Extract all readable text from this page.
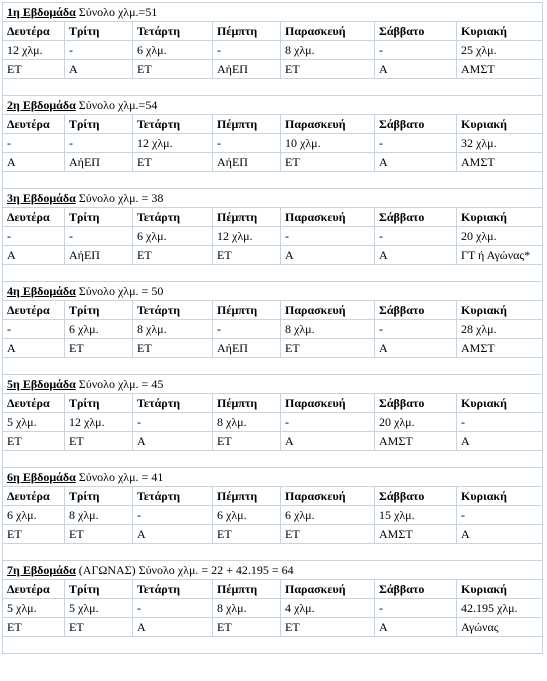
1η Εβδομάδα Σύνολο χλμ.=51						
Δευτέρα	Τρίτη	Τετάρτη	Πέμπτη	Παρασκευή	Σάββατο	Κυριακή
12 χλμ.	-	6 χλμ.	-	8 χλμ.	-	25 χλμ.
ΕΤ	Α	ΕΤ	ΑήΕΠ	ΕΤ	Α	ΑΜΣΤ

2η Εβδομάδα Σύνολο χλμ.=54						
Δευτέρα	Τρίτη	Τετάρτη	Πέμπτη	Παρασκευή	Σάββατο	Κυριακή
-	-	12 χλμ.	-	10 χλμ.	-	32 χλμ.
Α	ΑήΕΠ	ΕΤ	ΑήΕΠ	ΕΤ	Α	ΑΜΣΤ

3η Εβδομάδα Σύνολο χλμ. = 38						
Δευτέρα	Τρίτη	Τετάρτη	Πέμπτη	Παρασκευή	Σάββατο	Κυριακή
-	-	6 χλμ.	12 χλμ.	-	-	20 χλμ.
Α	ΑήΕΠ	ΕΤ	ΕΤ	Α	Α	ΓΤ ή Αγώνας*

4η Εβδομάδα Σύνολο χλμ. = 50						
Δευτέρα	Τρίτη	Τετάρτη	Πέμπτη	Παρασκευή	Σάββατο	Κυριακή
-	6 χλμ.	8 χλμ.	-	8 χλμ.	-	28 χλμ.
Α	ΕΤ	ΕΤ	ΑήΕΠ	ΕΤ	Α	ΑΜΣΤ

5η Εβδομάδα Σύνολο χλμ. = 45						
Δευτέρα	Τρίτη	Τετάρτη	Πέμπτη	Παρασκευή	Σάββατο	Κυριακή
5 χλμ.	12 χλμ.	-	8 χλμ.	-	20 χλμ.	-
ΕΤ	ΕΤ	Α	ΕΤ	Α	ΑΜΣΤ	Α

6η Εβδομάδα Σύνολο χλμ. = 41						
Δευτέρα	Τρίτη	Τετάρτη	Πέμπτη	Παρασκευή	Σάββατο	Κυριακή
6 χλμ.	8 χλμ.	-	6 χλμ.	6 χλμ.	15 χλμ.	-
ΕΤ	ΕΤ	Α	ΕΤ	ΕΤ	ΑΜΣΤ	Α

7η Εβδομάδα (ΑΓΩΝΑΣ) Σύνολο χλμ. = 22 + 42.195 = 64						
Δευτέρα	Τρίτη	Τετάρτη	Πέμπτη	Παρασκευή	Σάββατο	Κυριακή
5 χλμ.	5 χλμ.	-	8 χλμ.	4 χλμ.	-	42.195 χλμ.
ΕΤ	ΕΤ	Α	ΕΤ	ΕΤ	Α	Αγώνας
